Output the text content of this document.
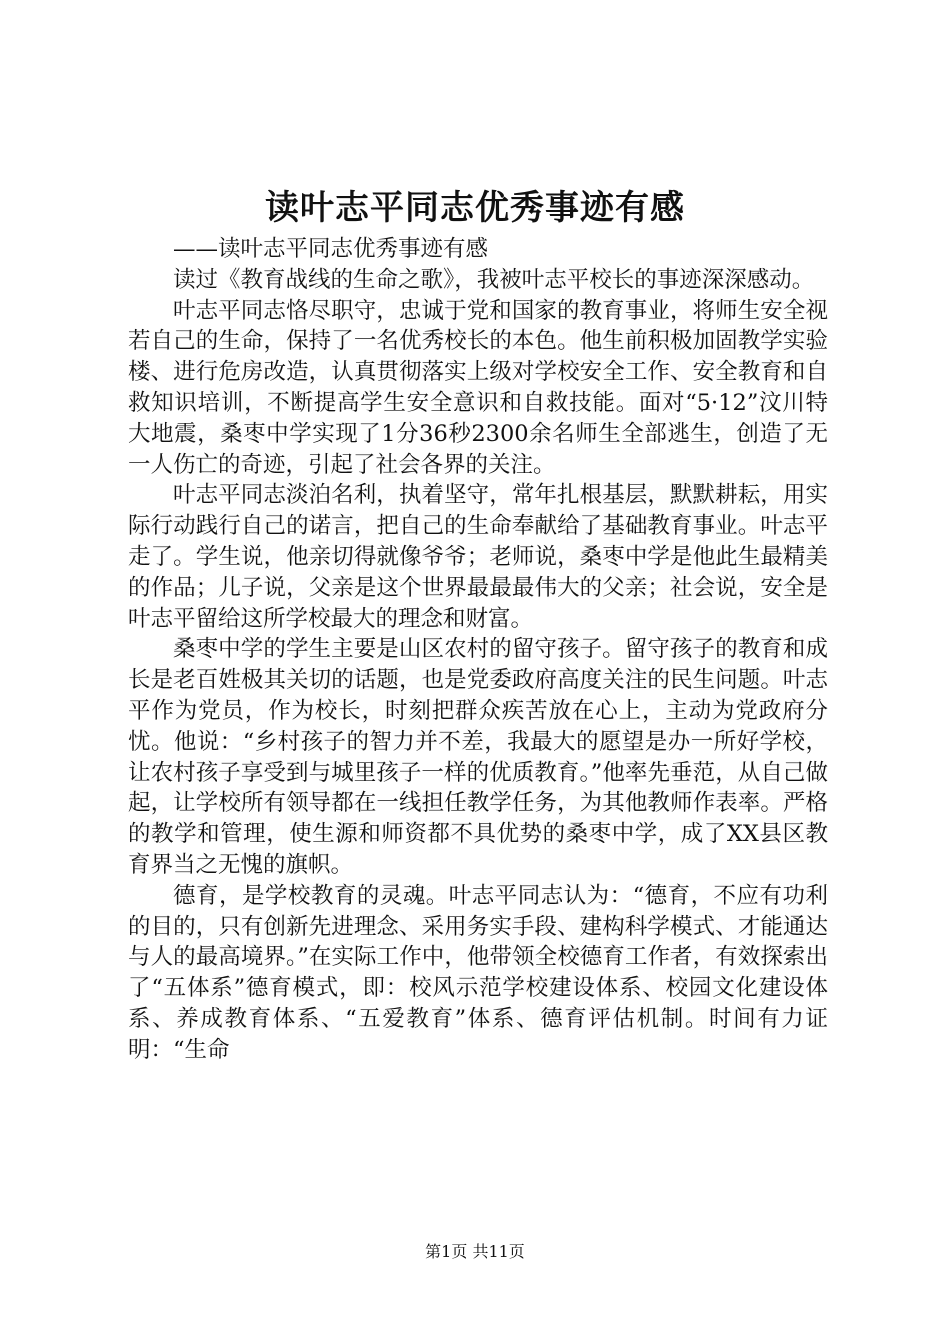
读叶志平同志优秀事迹有感

——读叶志平同志优秀事迹有感

读过《教育战线的生命之歌》，我被叶志平校长的事迹深深感动。

叶志平同志恪尽职守，忠诚于党和国家的教育事业，将师生安全视若自己的生命，保持了一名优秀校长的本色。他生前积极加固教学实验楼、进行危房改造，认真贯彻落实上级对学校安全工作、安全教育和自救知识培训，不断提高学生安全意识和自救技能。面对“5·12”汶川特大地震，桑枣中学实现了1分36秒2300余名师生全部逃生，创造了无一人伤亡的奇迹，引起了社会各界的关注。

叶志平同志淡泊名利，执着坚守，常年扎根基层，默默耕耘，用实际行动践行自己的诺言，把自己的生命奉献给了基础教育事业。叶志平走了。学生说，他亲切得就像爷爷；老师说，桑枣中学是他此生最精美的作品；儿子说，父亲是这个世界最最最伟大的父亲；社会说，安全是叶志平留给这所学校最大的理念和财富。

桑枣中学的学生主要是山区农村的留守孩子。留守孩子的教育和成长是老百姓极其关切的话题，也是党委政府高度关注的民生问题。叶志平作为党员，作为校长，时刻把群众疾苦放在心上，主动为党政府分忧。他说：“乡村孩子的智力并不差，我最大的愿望是办一所好学校，让农村孩子享受到与城里孩子一样的优质教育。”他率先垂范，从自己做起，让学校所有领导都在一线担任教学任务，为其他教师作表率。严格的教学和管理，使生源和师资都不具优势的桑枣中学，成了XX县区教育界当之无愧的旗帜。

德育，是学校教育的灵魂。叶志平同志认为：“德育，不应有功利的目的，只有创新先进理念、采用务实手段、建构科学模式、才能通达与人的最高境界。”在实际工作中，他带领全校德育工作者，有效探索出了“五体系”德育模式，即：校风示范学校建设体系、校园文化建设体系、养成教育体系、“五爱教育”体系、德育评估机制。时间有力证明：“生命

第1页 共11页
